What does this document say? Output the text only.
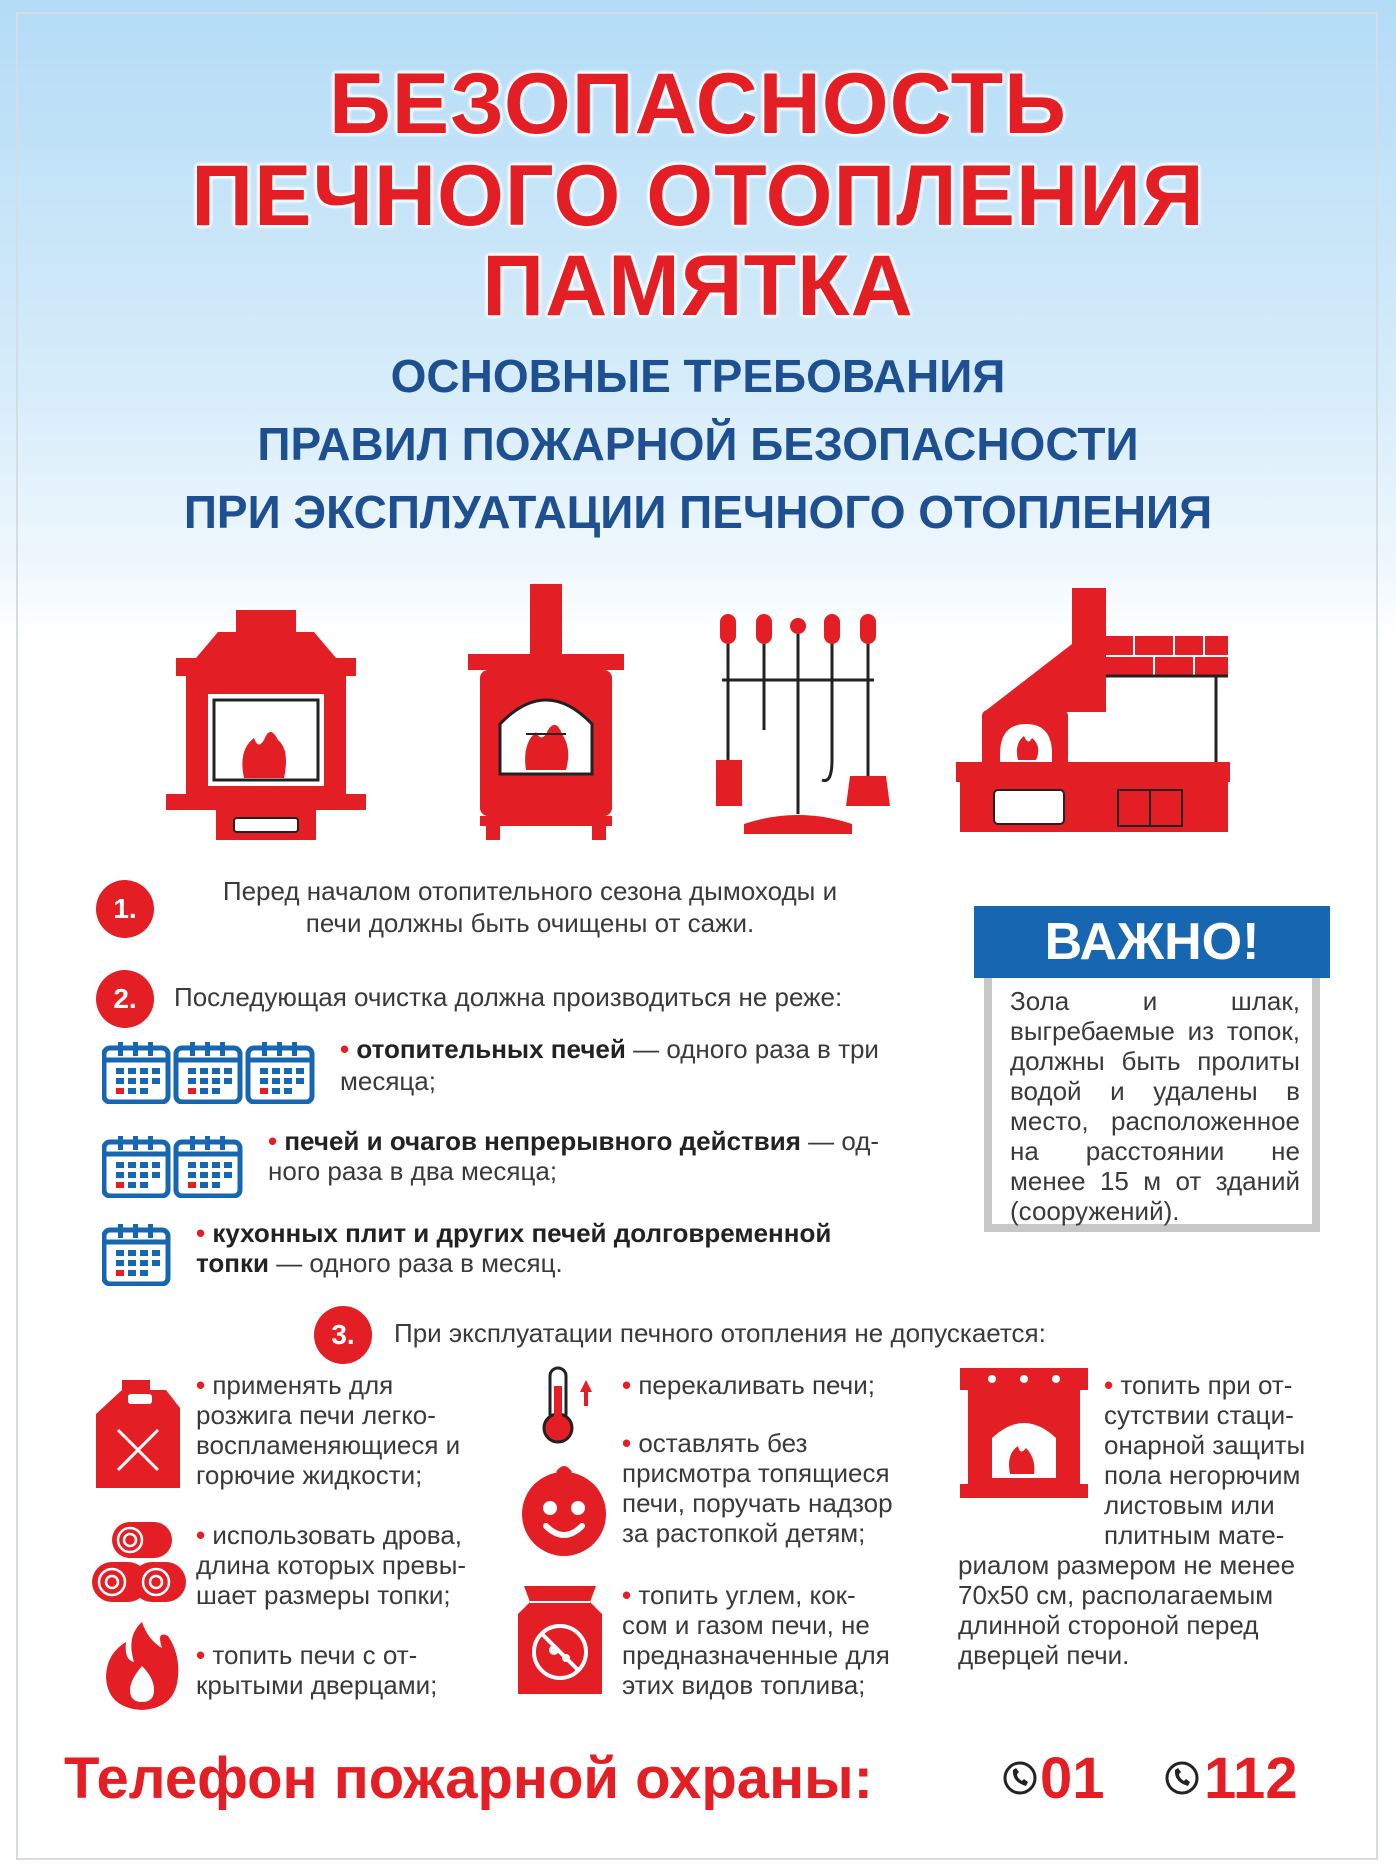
БЕЗОПАСНОСТЬ
ПЕЧНОГО ОТОПЛЕНИЯ
ПАМЯТКА
ОСНОВНЫЕ ТРЕБОВАНИЯ
ПРАВИЛ ПОЖАРНОЙ БЕЗОПАСНОСТИ
ПРИ ЭКСПЛУАТАЦИИ ПЕЧНОГО ОТОПЛЕНИЯ
1.
Перед началом отопительного сезона дымоходы и
печи должны быть очищены от сажи.
2.	Последующая очистка должна производиться не реже:
• отопительных печей — одного раза в три
месяца;
• печей и очагов непрерывного действия — од-
ного раза в два месяца;
• кухонных плит и других печей долговременной
топки — одного раза в месяц.
Зола и шлак, выгребаемые из топок, должны быть пролиты водой и удалены в место, расположенное на расстоянии не менее 15 м от зданий (сооружений).
ВАЖНО!
3.	При эксплуатации печного отопления не допускается:
• применять для
розжига печи легко-
воспламеняющиеся и
горючие жидкости;
• использовать дрова,
длина которых превы-
шает размеры топки;
• топить печи с от-
крытыми дверцами;
• перекаливать печи;
• оставлять без
присмотра топящиеся
печи, поручать надзор
за растопкой детям;
• топить углем, кок-
сом и газом печи, не
предназначенные для
этих видов топлива;
• топить при от-
сутствии стаци-
онарной защиты
пола негорючим
листовым или
плитным мате-
риалом размером не менее
70х50 см, располагаемым
длинной стороной перед
дверцей печи.
Телефон пожарной охраны:	01 112
